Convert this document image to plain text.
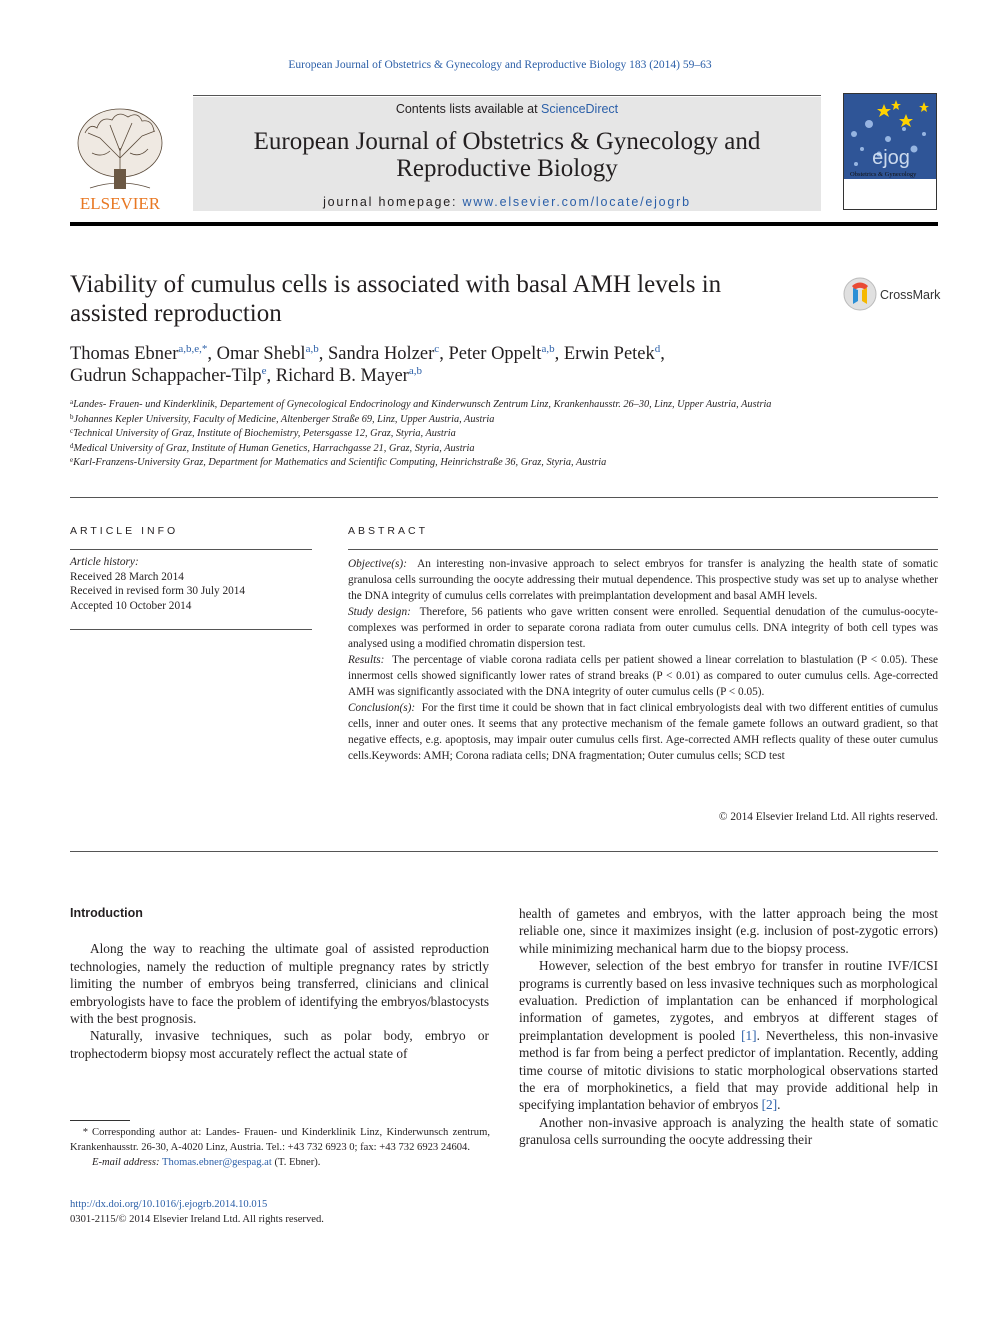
European Journal of Obstetrics & Gynecology and Reproductive Biology 183 (2014) 59–63
ELSEVIER
Contents lists available at ScienceDirect
European Journal of Obstetrics & Gynecology and Reproductive Biology
journal homepage: www.elsevier.com/locate/ejogrb
ejog
Obstetrics & Gynecology
Viability of cumulus cells is associated with basal AMH levels in assisted reproduction
CrossMark
Thomas Ebner$^{a,b,e,*}$, Omar Shebl$^{a,b}$, Sandra Holzer$^c$, Peter Oppelt$^{a,b}$, Erwin Petek$^d$,
Gudrun Schappacher-Tilp$^e$, Richard B. Mayer$^{a,b}$
$^a$Landes- Frauen- und Kinderklinik, Departement of Gynecological Endocrinology and Kinderwunsch Zentrum Linz, Krankenhausstr. 26–30, Linz, Upper Austria, Austria
$^b$Johannes Kepler University, Faculty of Medicine, Altenberger Straße 69, Linz, Upper Austria, Austria
$^c$Technical University of Graz, Institute of Biochemistry, Petersgasse 12, Graz, Styria, Austria
$^d$Medical University of Graz, Institute of Human Genetics, Harrachgasse 21, Graz, Styria, Austria
$^e$Karl-Franzens-University Graz, Department for Mathematics and Scientific Computing, Heinrichstraße 36, Graz, Styria, Austria
ARTICLE INFO
Article history:
Received 28 March 2014
Received in revised form 30 July 2014
Accepted 10 October 2014
ABSTRACT
Objective(s): An interesting non-invasive approach to select embryos for transfer is analyzing the health state of somatic granulosa cells surrounding the oocyte addressing their mutual dependence. This prospective study was set up to analyse whether the DNA integrity of cumulus cells correlates with preimplantation development and basal AMH levels.
Study design: Therefore, 56 patients who gave written consent were enrolled. Sequential denudation of the cumulus-oocyte-complexes was performed in order to separate corona radiata from outer cumulus cells. DNA integrity of both cell types was analysed using a modified chromatin dispersion test.
Results: The percentage of viable corona radiata cells per patient showed a linear correlation to blastulation (P < 0.05). These innermost cells showed significantly lower rates of strand breaks (P < 0.01) as compared to outer cumulus cells. Age-corrected AMH was significantly associated with the DNA integrity of outer cumulus cells (P < 0.05).
Conclusion(s): For the first time it could be shown that in fact clinical embryologists deal with two different entities of cumulus cells, inner and outer ones. It seems that any protective mechanism of the female gamete follows an outward gradient, so that negative effects, e.g. apoptosis, may impair outer cumulus cells first. Age-corrected AMH reflects quality of these outer cumulus cells.Keywords: AMH; Corona radiata cells; DNA fragmentation; Outer cumulus cells; SCD test
© 2014 Elsevier Ireland Ltd. All rights reserved.

Introduction

Along the way to reaching the ultimate goal of assisted reproduction technologies, namely the reduction of multiple pregnancy rates by strictly limiting the number of embryos being transferred, clinicians and clinical embryologists have to face the problem of identifying the embryos/blastocysts with the best prognosis.

Naturally, invasive techniques, such as polar body, embryo or trophectoderm biopsy most accurately reflect the actual state of

health of gametes and embryos, with the latter approach being the most reliable one, since it maximizes insight (e.g. inclusion of post-zygotic errors) while minimizing mechanical harm due to the biopsy process.

However, selection of the best embryo for transfer in routine IVF/ICSI programs is currently based on less invasive techniques such as morphological evaluation. Prediction of implantation can be enhanced if morphological information of gametes, zygotes, and embryos at different stages of preimplantation development is pooled [1]. Nevertheless, this non-invasive method is far from being a perfect predictor of implantation. Recently, adding time course of mitotic divisions to static morphological observations started the era of morphokinetics, a field that may provide additional help in specifying implantation behavior of embryos [2].

Another non-invasive approach is analyzing the health state of somatic granulosa cells surrounding the oocyte addressing their

* Corresponding author at: Landes- Frauen- und Kinderklinik Linz, Kinderwunsch zentrum, Krankenhausstr. 26-30, A-4020 Linz, Austria. Tel.: +43 732 6923 0; fax: +43 732 6923 24604.
E-mail address: Thomas.ebner@gespag.at (T. Ebner).
http://dx.doi.org/10.1016/j.ejogrb.2014.10.015
0301-2115/© 2014 Elsevier Ireland Ltd. All rights reserved.
